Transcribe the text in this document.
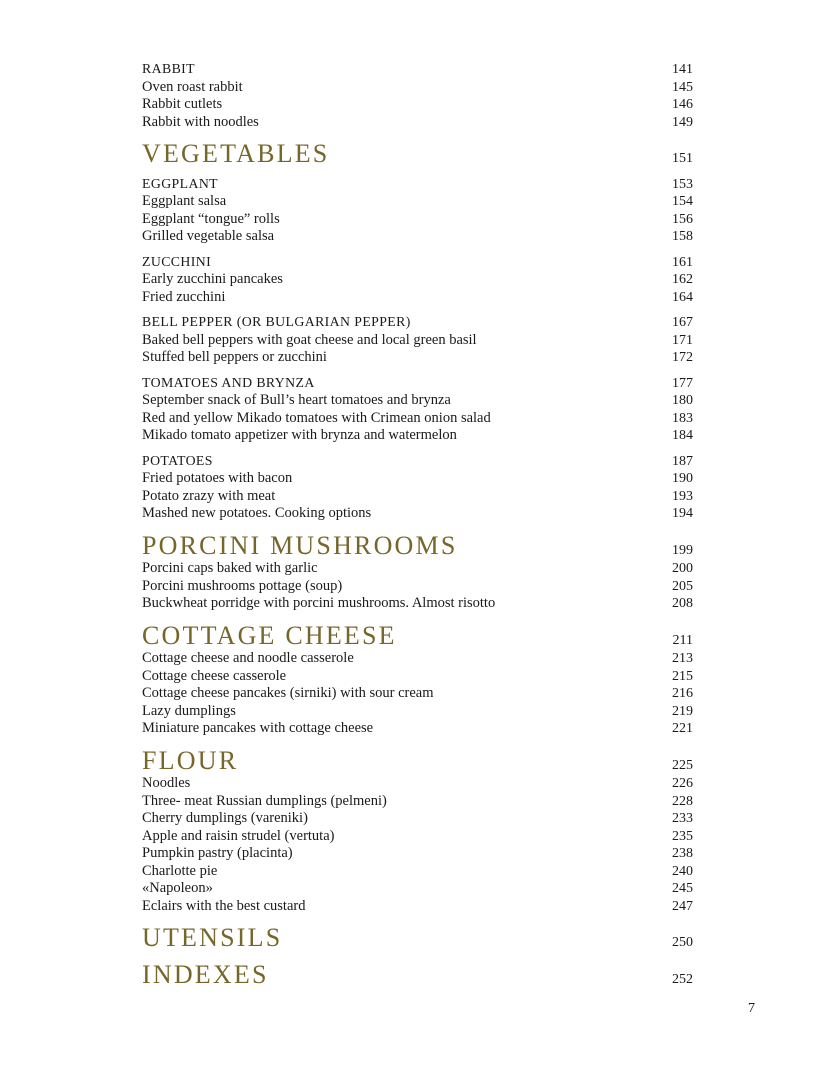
RABBIT	141
Oven roast rabbit	145
Rabbit cutlets	146
Rabbit with noodles	149
VEGETABLES	151
EGGPLANT	153
Eggplant salsa	154
Eggplant “tongue” rolls	156
Grilled vegetable salsa	158
ZUCCHINI	161
Early zucchini pancakes	162
Fried zucchini	164
BELL PEPPER (OR BULGARIAN PEPPER)	167
Baked bell peppers with goat cheese and local green basil	171
Stuffed bell peppers or zucchini	172
TOMATOES AND BRYNZA	177
September snack of Bull’s heart tomatoes and brynza	180
Red and yellow Mikado tomatoes with Crimean onion salad	183
Mikado tomato appetizer with brynza and watermelon	184
POTATOES	187
Fried potatoes with bacon	190
Potato zrazy with meat	193
Mashed new potatoes. Cooking options	194
PORCINI MUSHROOMS	199
Porcini caps baked with garlic	200
Porcini mushrooms pottage (soup)	205
Buckwheat porridge with porcini mushrooms. Almost risotto	208
COTTAGE CHEESE	211
Cottage cheese and noodle casserole	213
Cottage cheese casserole	215
Cottage cheese pancakes (sirniki) with sour cream	216
Lazy dumplings	219
Miniature pancakes with cottage cheese	221
FLOUR	225
Noodles	226
Three- meat Russian dumplings (pelmeni)	228
Cherry dumplings (vareniki)	233
Apple and raisin strudel (vertuta)	235
Pumpkin pastry (placinta)	238
Charlotte pie	240
«Napoleon»	245
Eclairs with the best custard	247
UTENSILS	250
INDEXES	252
7
